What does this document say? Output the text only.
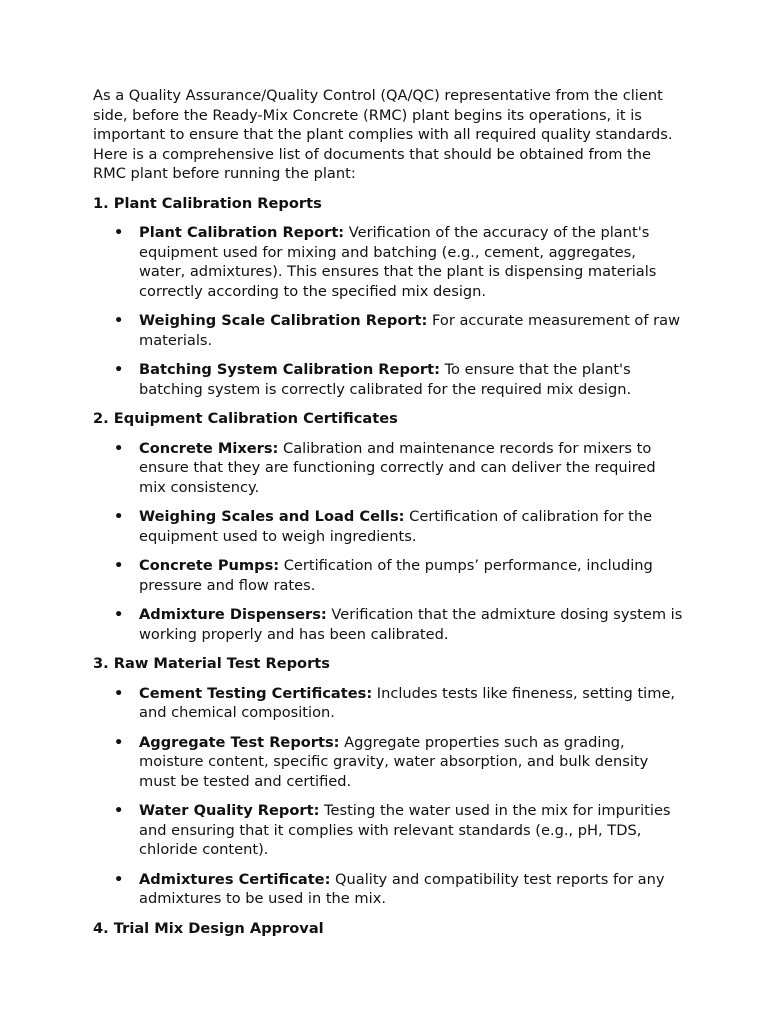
As a Quality Assurance/Quality Control (QA/QC) representative from the client side, before the Ready-Mix Concrete (RMC) plant begins its operations, it is important to ensure that the plant complies with all required quality standards. Here is a comprehensive list of documents that should be obtained from the RMC plant before running the plant:

1. Plant Calibration Reports
• Plant Calibration Report: Verification of the accuracy of the plant's equipment used for mixing and batching (e.g., cement, aggregates, water, admixtures). This ensures that the plant is dispensing materials correctly according to the specified mix design.
• Weighing Scale Calibration Report: For accurate measurement of raw materials.
• Batching System Calibration Report: To ensure that the plant's batching system is correctly calibrated for the required mix design.
2. Equipment Calibration Certificates
• Concrete Mixers: Calibration and maintenance records for mixers to ensure that they are functioning correctly and can deliver the required mix consistency.
• Weighing Scales and Load Cells: Certification of calibration for the equipment used to weigh ingredients.
• Concrete Pumps: Certification of the pumps’ performance, including pressure and flow rates.
• Admixture Dispensers: Verification that the admixture dosing system is working properly and has been calibrated.
3. Raw Material Test Reports
• Cement Testing Certificates: Includes tests like fineness, setting time, and chemical composition.
• Aggregate Test Reports: Aggregate properties such as grading, moisture content, specific gravity, water absorption, and bulk density must be tested and certified.
• Water Quality Report: Testing the water used in the mix for impurities and ensuring that it complies with relevant standards (e.g., pH, TDS, chloride content).
• Admixtures Certificate: Quality and compatibility test reports for any admixtures to be used in the mix.
4. Trial Mix Design Approval
